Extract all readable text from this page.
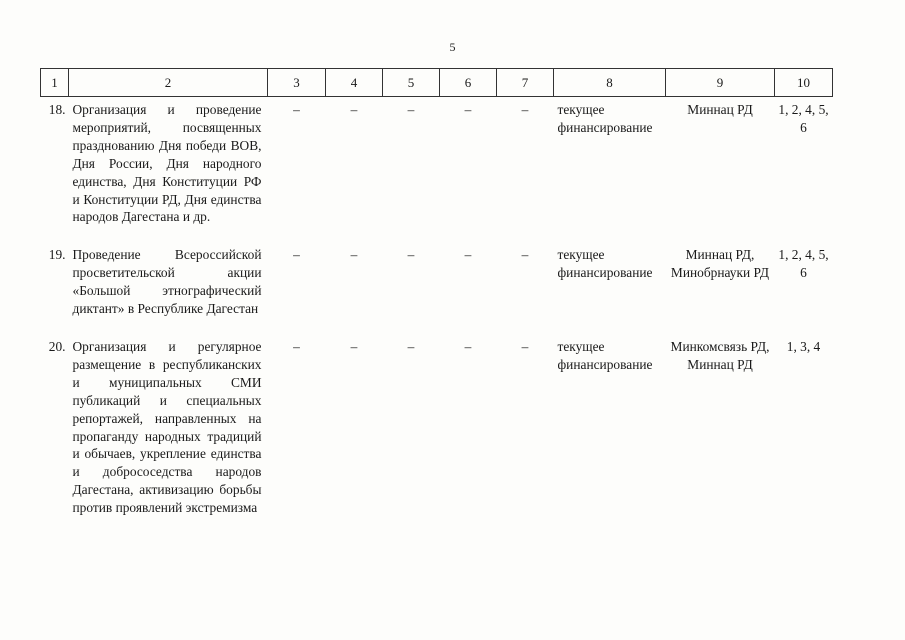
5
1	2	3	4	5	6	7	8	9	10
18.	Организация и проведение мероприятий, посвященных празднованию Дня победи ВОВ, Дня России, Дня народного единства, Дня Конституции РФ и Конституции РД, Дня единства народов Дагестана и др.	–	–	–	–	–	текущее финансирование	Миннац РД	1, 2, 4, 5, 6
19.	Проведение Всероссийской просветительской акции «Большой этнографический диктант» в Республике Дагестан	–	–	–	–	–	текущее финансирование	Миннац РД, Минобрнауки РД	1, 2, 4, 5, 6
20.	Организация и регулярное размещение в республиканских и муниципальных СМИ публикаций и специальных репортажей, направленных на пропаганду народных традиций и обычаев, укрепление единства и добрососедства народов Дагестана, активизацию борьбы против проявлений экстремизма	–	–	–	–	–	текущее финансирование	Минкомсвязь РД, Миннац РД	1, 3, 4
